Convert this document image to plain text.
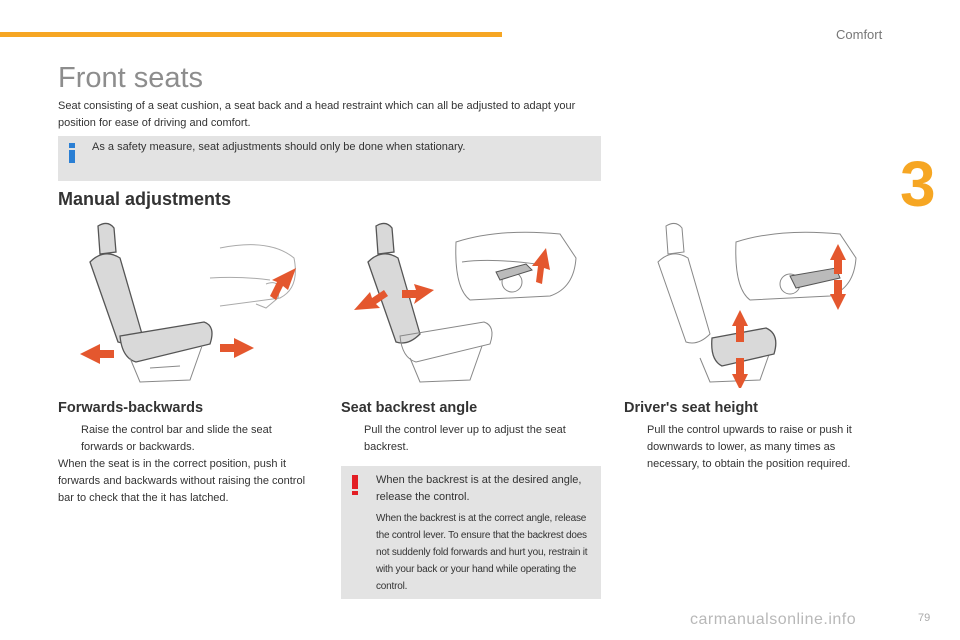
Comfort
3
Front seats

Seat consisting of a seat cushion, a seat back and a head restraint which can all be adjusted to adapt your position for ease of driving and comfort.

As a safety measure, seat adjustments should only be done when stationary.
Manual adjustments
Forwards-backwards
Raise the control bar and slide the seat forwards or backwards.

When the seat is in the correct position, push it forwards and backwards without raising the control bar to check that the it has latched.

Seat backrest angle
Pull the control lever up to adjust the seat backrest.
When the backrest is at the desired angle, release the control.
When the backrest is at the correct angle, release the control lever. To ensure that the backrest does not suddenly fold forwards and hurt you, restrain it with your back or your hand while operating the control.
Driver's seat height
Pull the control upwards to raise or push it downwards to lower, as many times as necessary, to obtain the position required.
carmanualsonline.info	79
